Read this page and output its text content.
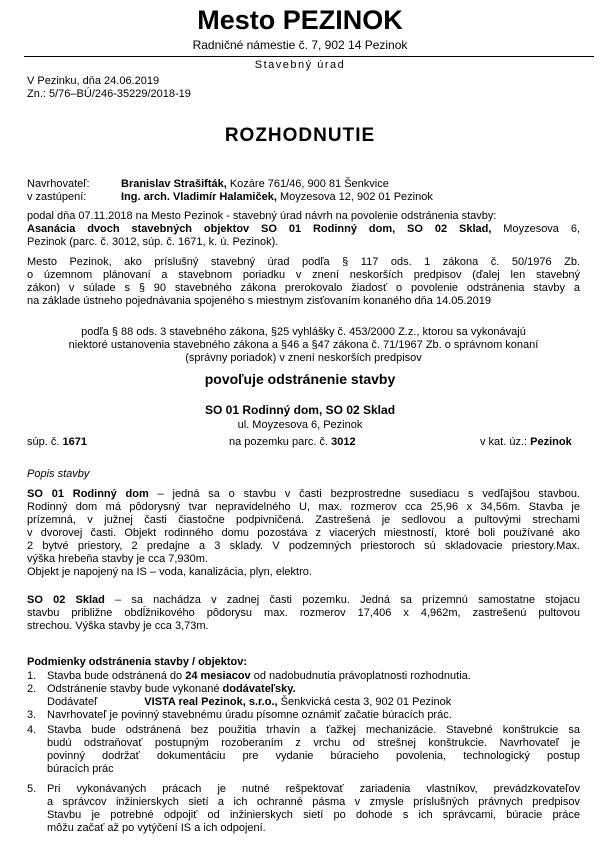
Mesto PEZINOK
Radničné námestie č. 7, 902 14 Pezinok
Stavebný úrad
V Pezinku, dňa 24.06.2019
Zn.: 5/76–BÚ/246-35229/2018-19
ROZHODNUTIE
Navrhovateľ:	Branislav Strašifták, Kozáre 761/46, 900 81 Šenkvice
v zastúpení:	Ing. arch. Vladimír Halamiček, Moyzesova 12, 902 01 Pezinok
podal dňa 07.11.2018 na Mesto Pezinok - stavebný úrad návrh na povolenie odstránenia stavby:
Asanácia dvoch stavebných objektov SO 01 Rodinný dom, SO 02 Sklad, Moyzesova 6,
Pezinok (parc. č. 3012, súp. č. 1671, k. ú. Pezinok).
Mesto Pezinok, ako príslušný stavebný úrad podľa § 117 ods. 1 zákona č. 50/1976 Zb.
o územnom plánovaní a stavebnom poriadku v znení neskorších predpisov (ďalej len stavebný
zákon) v súlade s § 90 stavebného zákona prerokovalo žiadosť o povolenie odstránenia stavby a
na základe ústneho pojednávania spojeného s miestnym zisťovaním konaného dňa 14.05.2019
podľa § 88 ods. 3 stavebného zákona, §25 vyhlášky č. 453/2000 Z.z., ktorou sa vykonávajú
niektoré ustanovenia stavebného zákona a §46 a §47 zákona č. 71/1967 Zb. o správnom konaní
(správny poriadok) v znení neskorších predpisov
povoľuje odstránenie stavby
SO 01 Rodinný dom, SO 02 Sklad
ul. Moyzesova 6, Pezinok
súp. č. 1671	na pozemku parc. č. 3012	v kat. úz.: Pezinok
Popis stavby
SO 01 Rodinný dom – jedná sa o stavbu v časti bezprostredne susediacu s vedľajšou stavbou.
Rodinný dom má pôdorysný tvar nepravidelného U, max. rozmerov cca 25,96 x 34,56m. Stavba je
prízemná, v južnej časti čiastočne podpivničená. Zastrešená je sedlovou a pultovými strechami
v dvorovej časti. Objekt rodinného domu pozostáva z viacerých miestností, ktoré boli používané ako
2 bytvé priestory, 2 predajne a 3 sklady. V podzemných priestoroch sú skladovacie priestory.Max.
výška hrebeňa stavby je cca 7,930m.
Objekt je napojený na IS – voda, kanalizácia, plyn, elektro.
SO 02 Sklad – sa nachádza v zadnej časti pozemku. Jedná sa prízemnú samostatne stojacu
stavbu približne obdĺžnikového pôdorysu max. rozmerov 17,406 x 4,962m, zastrešenú pultovou
strechou. Výška stavby je cca 3,73m.
Podmienky odstránenia stavby / objektov:
1. Stavba bude odstránená do 24 mesiacov od nadobudnutia právoplatnosti rozhodnutia.
2. Odstránenie stavby bude vykonané dodávateľsky.
Dodávateľ	VISTA real Pezinok, s.r.o., Šenkvická cesta 3, 902 01 Pezinok
3. Navrhovateľ je povinný stavebnému úradu písomne oznámiť začatie búracích prác.
4. Stavba bude odstránená bez použitia trhavín a ťažkej mechanizácie. Stavebné konštrukcie sa
budú odstraňovať postupným rozoberaním z vrchu od strešnej konštrukcie. Navrhovateľ je
povinný dodržať dokumentáciu pre vydanie búracieho povolenia, technologický postup
búracích prác
5. Pri vykonávaných prácach je nutné rešpektovať zariadenia vlastníkov, prevádzkovateľov
a správcov inžinierskych sietí a ich ochranné pásma v zmysle príslušných právnych predpisov
Stavbu je potrebné odpojiť od inžinierskych sietí po dohode s ich správcami, búracie práce
môžu začať až po vytýčení IS a ich odpojení.
